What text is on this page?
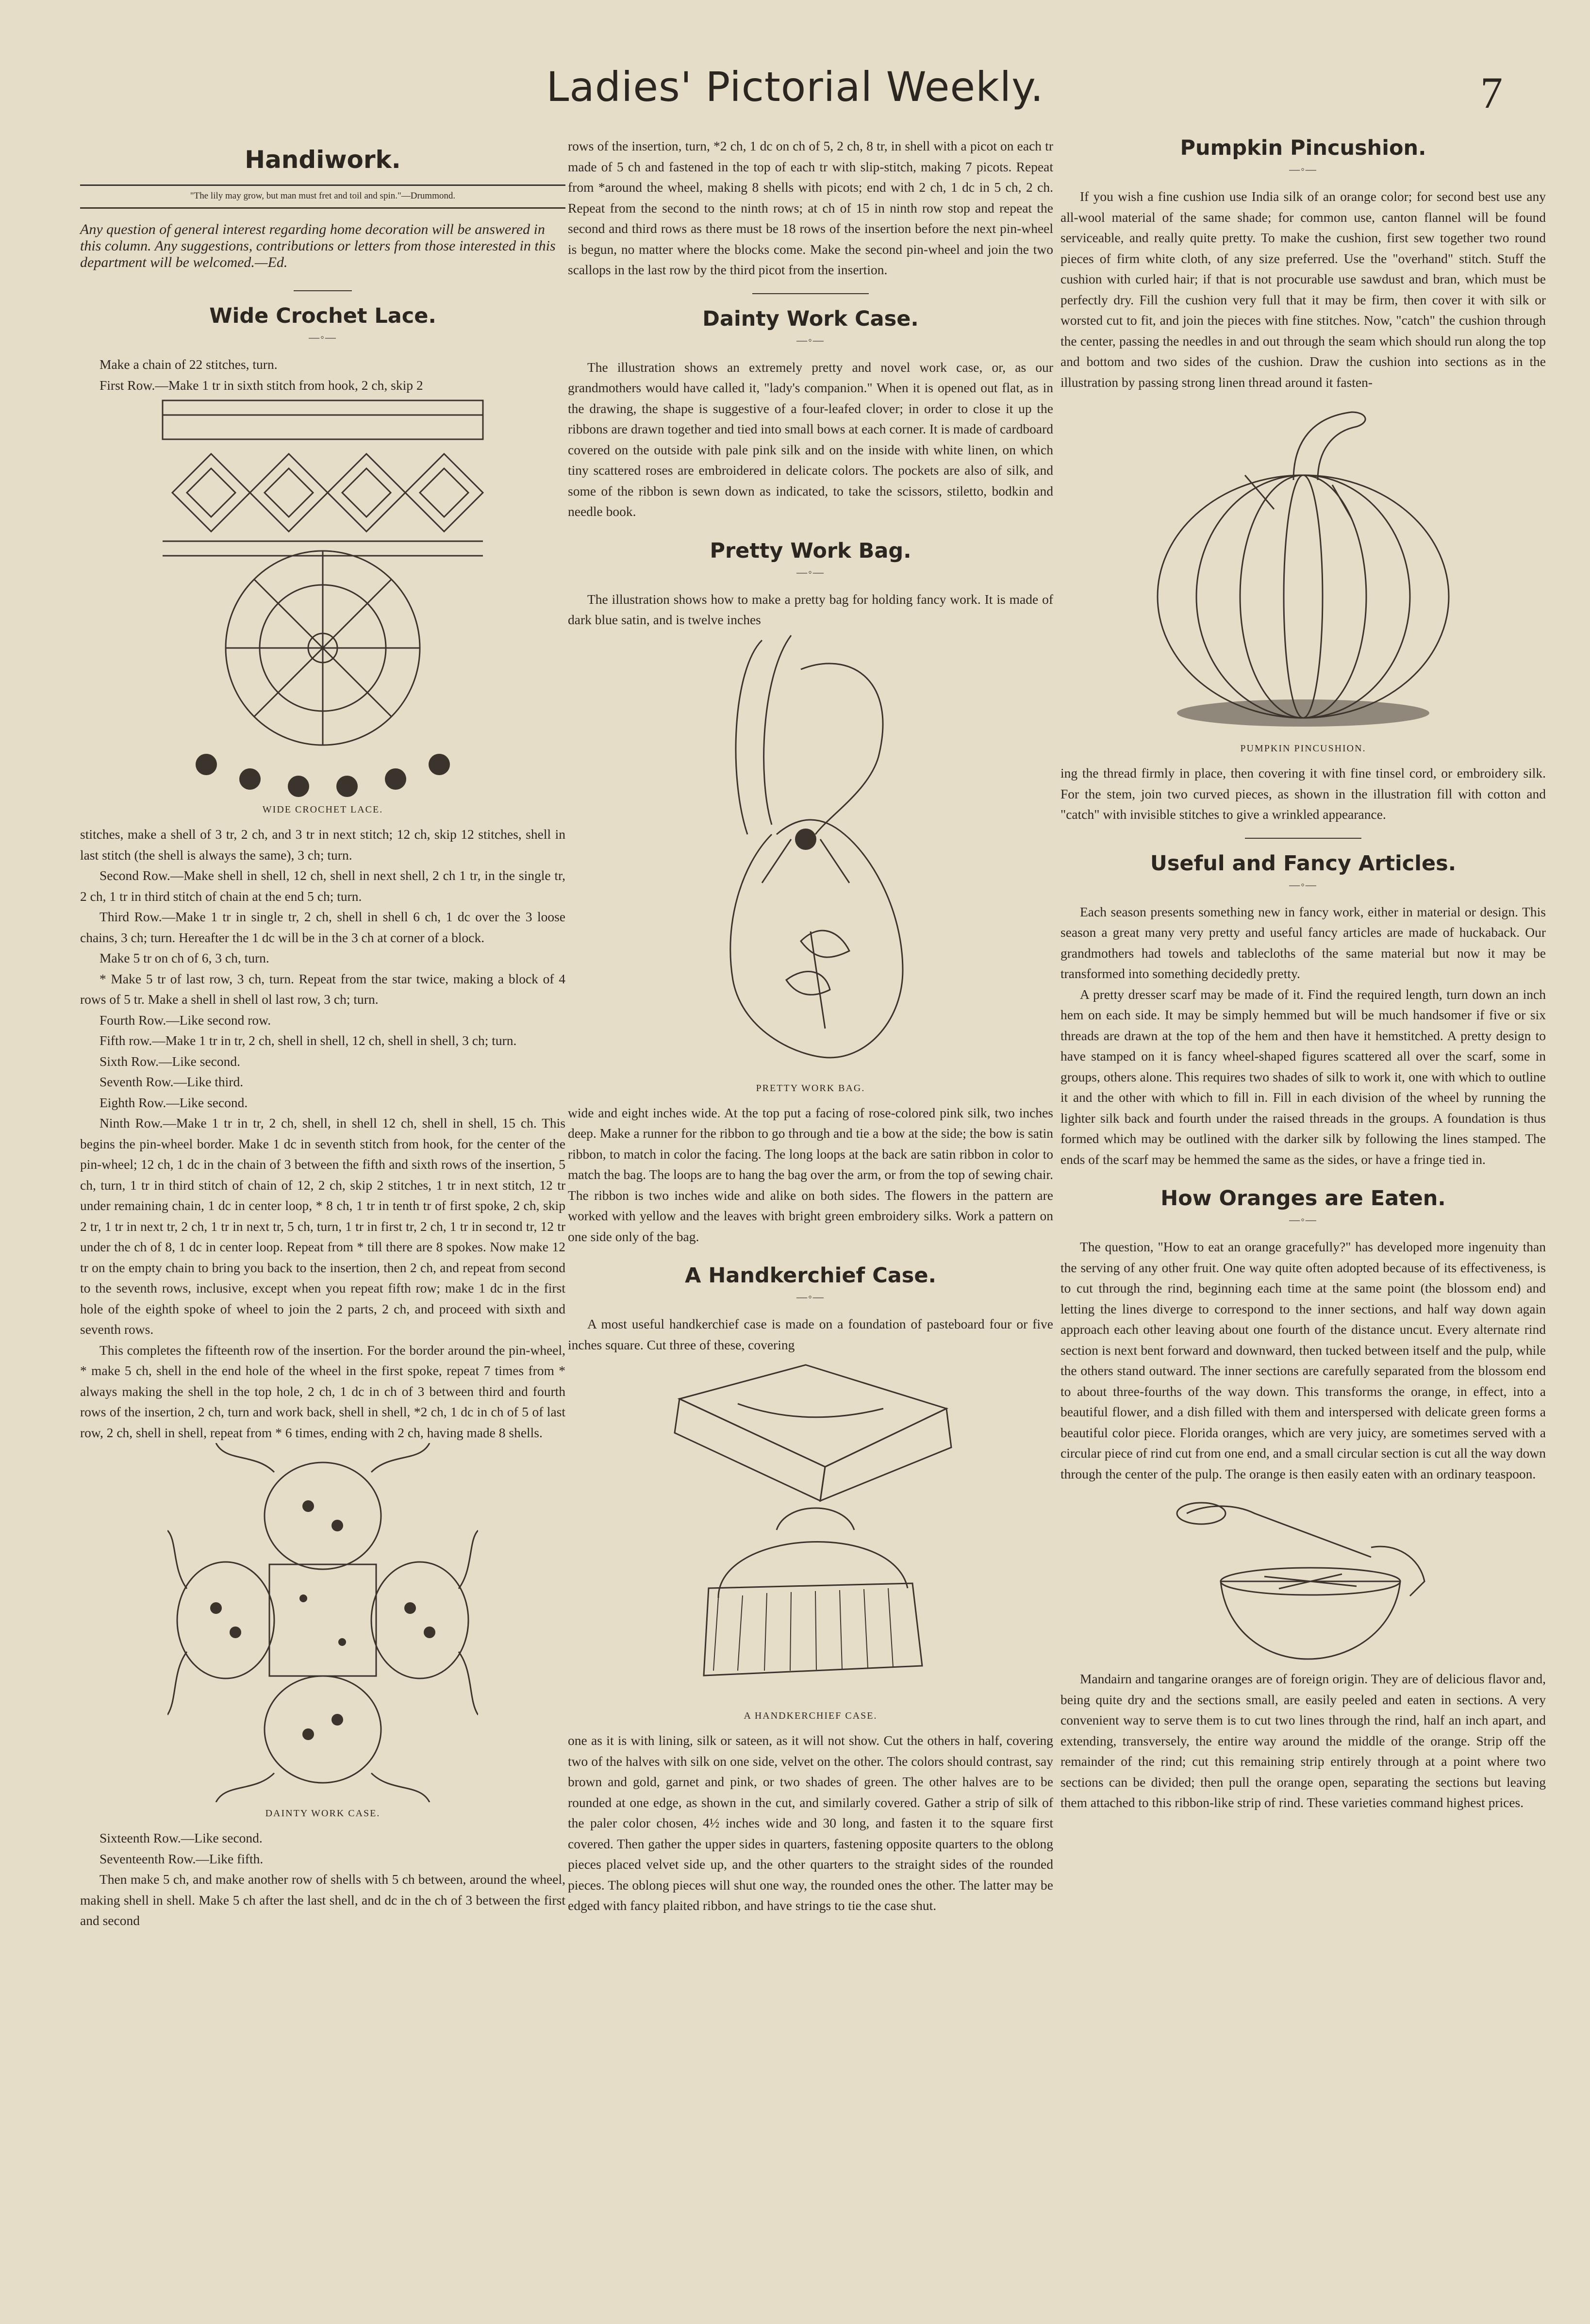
Ladies' Pictorial Weekly.	7
Handiwork.
"The lily may grow, but man must fret and toil and spin."—Drummond.
Any question of general interest regarding home decoration will be answered in this column. Any suggestions, contributions or letters from those interested in this department will be welcomed.—Ed.
Wide Crochet Lace.
—◦—

Make a chain of 22 stitches, turn.

First Row.—Make 1 tr in sixth stitch from hook, 2 ch, skip 2

WIDE CROCHET LACE.

stitches, make a shell of 3 tr, 2 ch, and 3 tr in next stitch; 12 ch, skip 12 stitches, shell in last stitch (the shell is always the same), 3 ch; turn.

Second Row.—Make shell in shell, 12 ch, shell in next shell, 2 ch 1 tr, in the single tr, 2 ch, 1 tr in third stitch of chain at the end 5 ch; turn.

Third Row.—Make 1 tr in single tr, 2 ch, shell in shell 6 ch, 1 dc over the 3 loose chains, 3 ch; turn. Hereafter the 1 dc will be in the 3 ch at corner of a block.

Make 5 tr on ch of 6, 3 ch, turn.

* Make 5 tr of last row, 3 ch, turn. Repeat from the star twice, making a block of 4 rows of 5 tr. Make a shell in shell ol last row, 3 ch; turn.

Fourth Row.—Like second row.

Fifth row.—Make 1 tr in tr, 2 ch, shell in shell, 12 ch, shell in shell, 3 ch; turn.

Sixth Row.—Like second.

Seventh Row.—Like third.

Eighth Row.—Like second.

Ninth Row.—Make 1 tr in tr, 2 ch, shell, in shell 12 ch, shell in shell, 15 ch. This begins the pin-wheel border. Make 1 dc in seventh stitch from hook, for the center of the pin-wheel; 12 ch, 1 dc in the chain of 3 between the fifth and sixth rows of the insertion, 5 ch, turn, 1 tr in third stitch of chain of 12, 2 ch, skip 2 stitches, 1 tr in next stitch, 12 tr under remaining chain, 1 dc in center loop, * 8 ch, 1 tr in tenth tr of first spoke, 2 ch, skip 2 tr, 1 tr in next tr, 2 ch, 1 tr in next tr, 5 ch, turn, 1 tr in first tr, 2 ch, 1 tr in second tr, 12 tr under the ch of 8, 1 dc in center loop. Repeat from * till there are 8 spokes. Now make 12 tr on the empty chain to bring you back to the insertion, then 2 ch, and repeat from second to the seventh rows, inclusive, except when you repeat fifth row; make 1 dc in the first hole of the eighth spoke of wheel to join the 2 parts, 2 ch, and proceed with sixth and seventh rows.

This completes the fifteenth row of the insertion. For the border around the pin-wheel, * make 5 ch, shell in the end hole of the wheel in the first spoke, repeat 7 times from * always making the shell in the top hole, 2 ch, 1 dc in ch of 3 between third and fourth rows of the insertion, 2 ch, turn and work back, shell in shell, *2 ch, 1 dc in ch of 5 of last row, 2 ch, shell in shell, repeat from * 6 times, ending with 2 ch, having made 8 shells.

DAINTY WORK CASE.

Sixteenth Row.—Like second.

Seventeenth Row.—Like fifth.

Then make 5 ch, and make another row of shells with 5 ch between, around the wheel, making shell in shell. Make 5 ch after the last shell, and dc in the ch of 3 between the first and second

rows of the insertion, turn, *2 ch, 1 dc on ch of 5, 2 ch, 8 tr, in shell with a picot on each tr made of 5 ch and fastened in the top of each tr with slip-stitch, making 7 picots. Repeat from *around the wheel, making 8 shells with picots; end with 2 ch, 1 dc in 5 ch, 2 ch. Repeat from the second to the ninth rows; at ch of 15 in ninth row stop and repeat the second and third rows as there must be 18 rows of the insertion before the next pin-wheel is begun, no matter where the blocks come. Make the second pin-wheel and join the two scallops in the last row by the third picot from the insertion.

Dainty Work Case.
—◦—

The illustration shows an extremely pretty and novel work case, or, as our grandmothers would have called it, "lady's companion." When it is opened out flat, as in the drawing, the shape is suggestive of a four-leafed clover; in order to close it up the ribbons are drawn together and tied into small bows at each corner. It is made of cardboard covered on the outside with pale pink silk and on the inside with white linen, on which tiny scattered roses are embroidered in delicate colors. The pockets are also of silk, and some of the ribbon is sewn down as indicated, to take the scissors, stiletto, bodkin and needle book.

Pretty Work Bag.
—◦—

The illustration shows how to make a pretty bag for holding fancy work. It is made of dark blue satin, and is twelve inches

PRETTY WORK BAG.

wide and eight inches wide. At the top put a facing of rose-colored pink silk, two inches deep. Make a runner for the ribbon to go through and tie a bow at the side; the bow is satin ribbon, to match in color the facing. The long loops at the back are satin ribbon in color to match the bag. The loops are to hang the bag over the arm, or from the top of sewing chair. The ribbon is two inches wide and alike on both sides. The flowers in the pattern are worked with yellow and the leaves with bright green embroidery silks. Work a pattern on one side only of the bag.

A Handkerchief Case.
—◦—

A most useful handkerchief case is made on a foundation of pasteboard four or five inches square. Cut three of these, covering

A HANDKERCHIEF CASE.

one as it is with lining, silk or sateen, as it will not show. Cut the others in half, covering two of the halves with silk on one side, velvet on the other. The colors should contrast, say brown and gold, garnet and pink, or two shades of green. The other halves are to be rounded at one edge, as shown in the cut, and similarly covered. Gather a strip of silk of the paler color chosen, 4½ inches wide and 30 long, and fasten it to the square first covered. Then gather the upper sides in quarters, fastening opposite quarters to the oblong pieces placed velvet side up, and the other quarters to the straight sides of the rounded pieces. The oblong pieces will shut one way, the rounded ones the other. The latter may be edged with fancy plaited ribbon, and have strings to tie the case shut.

Pumpkin Pincushion.
—◦—

If you wish a fine cushion use India silk of an orange color; for second best use any all-wool material of the same shade; for common use, canton flannel will be found serviceable, and really quite pretty. To make the cushion, first sew together two round pieces of firm white cloth, of any size preferred. Use the "overhand" stitch. Stuff the cushion with curled hair; if that is not procurable use sawdust and bran, which must be perfectly dry. Fill the cushion very full that it may be firm, then cover it with silk or worsted cut to fit, and join the pieces with fine stitches. Now, "catch" the cushion through the center, passing the needles in and out through the seam which should run along the top and bottom and two sides of the cushion. Draw the cushion into sections as in the illustration by passing strong linen thread around it fasten-

PUMPKIN PINCUSHION.

ing the thread firmly in place, then covering it with fine tinsel cord, or embroidery silk. For the stem, join two curved pieces, as shown in the illustration fill with cotton and "catch" with invisible stitches to give a wrinkled appearance.

Useful and Fancy Articles.
—◦—

Each season presents something new in fancy work, either in material or design. This season a great many very pretty and useful fancy articles are made of huckaback. Our grandmothers had towels and tablecloths of the same material but now it may be transformed into something decidedly pretty.

A pretty dresser scarf may be made of it. Find the required length, turn down an inch hem on each side. It may be simply hemmed but will be much handsomer if five or six threads are drawn at the top of the hem and then have it hemstitched. A pretty design to have stamped on it is fancy wheel-shaped figures scattered all over the scarf, some in groups, others alone. This requires two shades of silk to work it, one with which to outline it and the other with which to fill in. Fill in each division of the wheel by running the lighter silk back and fourth under the raised threads in the groups. A foundation is thus formed which may be outlined with the darker silk by following the lines stamped. The ends of the scarf may be hemmed the same as the sides, or have a fringe tied in.

How Oranges are Eaten.
—◦—

The question, "How to eat an orange gracefully?" has developed more ingenuity than the serving of any other fruit. One way quite often adopted because of its effectiveness, is to cut through the rind, beginning each time at the same point (the blossom end) and letting the lines diverge to correspond to the inner sections, and half way down again approach each other leaving about one fourth of the distance uncut. Every alternate rind section is next bent forward and downward, then tucked between itself and the pulp, while the others stand outward. The inner sections are carefully separated from the blossom end to about three-fourths of the way down. This transforms the orange, in effect, into a beautiful flower, and a dish filled with them and interspersed with delicate green forms a beautiful color piece. Florida oranges, which are very juicy, are sometimes served with a circular piece of rind cut from one end, and a small circular section is cut all the way down through the center of the pulp. The orange is then easily eaten with an ordinary teaspoon.

Mandairn and tangarine oranges are of foreign origin. They are of delicious flavor and, being quite dry and the sections small, are easily peeled and eaten in sections. A very convenient way to serve them is to cut two lines through the rind, half an inch apart, and extending, transversely, the entire way around the middle of the orange. Strip off the remainder of the rind; cut this remaining strip entirely through at a point where two sections can be divided; then pull the orange open, separating the sections but leaving them attached to this ribbon-like strip of rind. These varieties command highest prices.
